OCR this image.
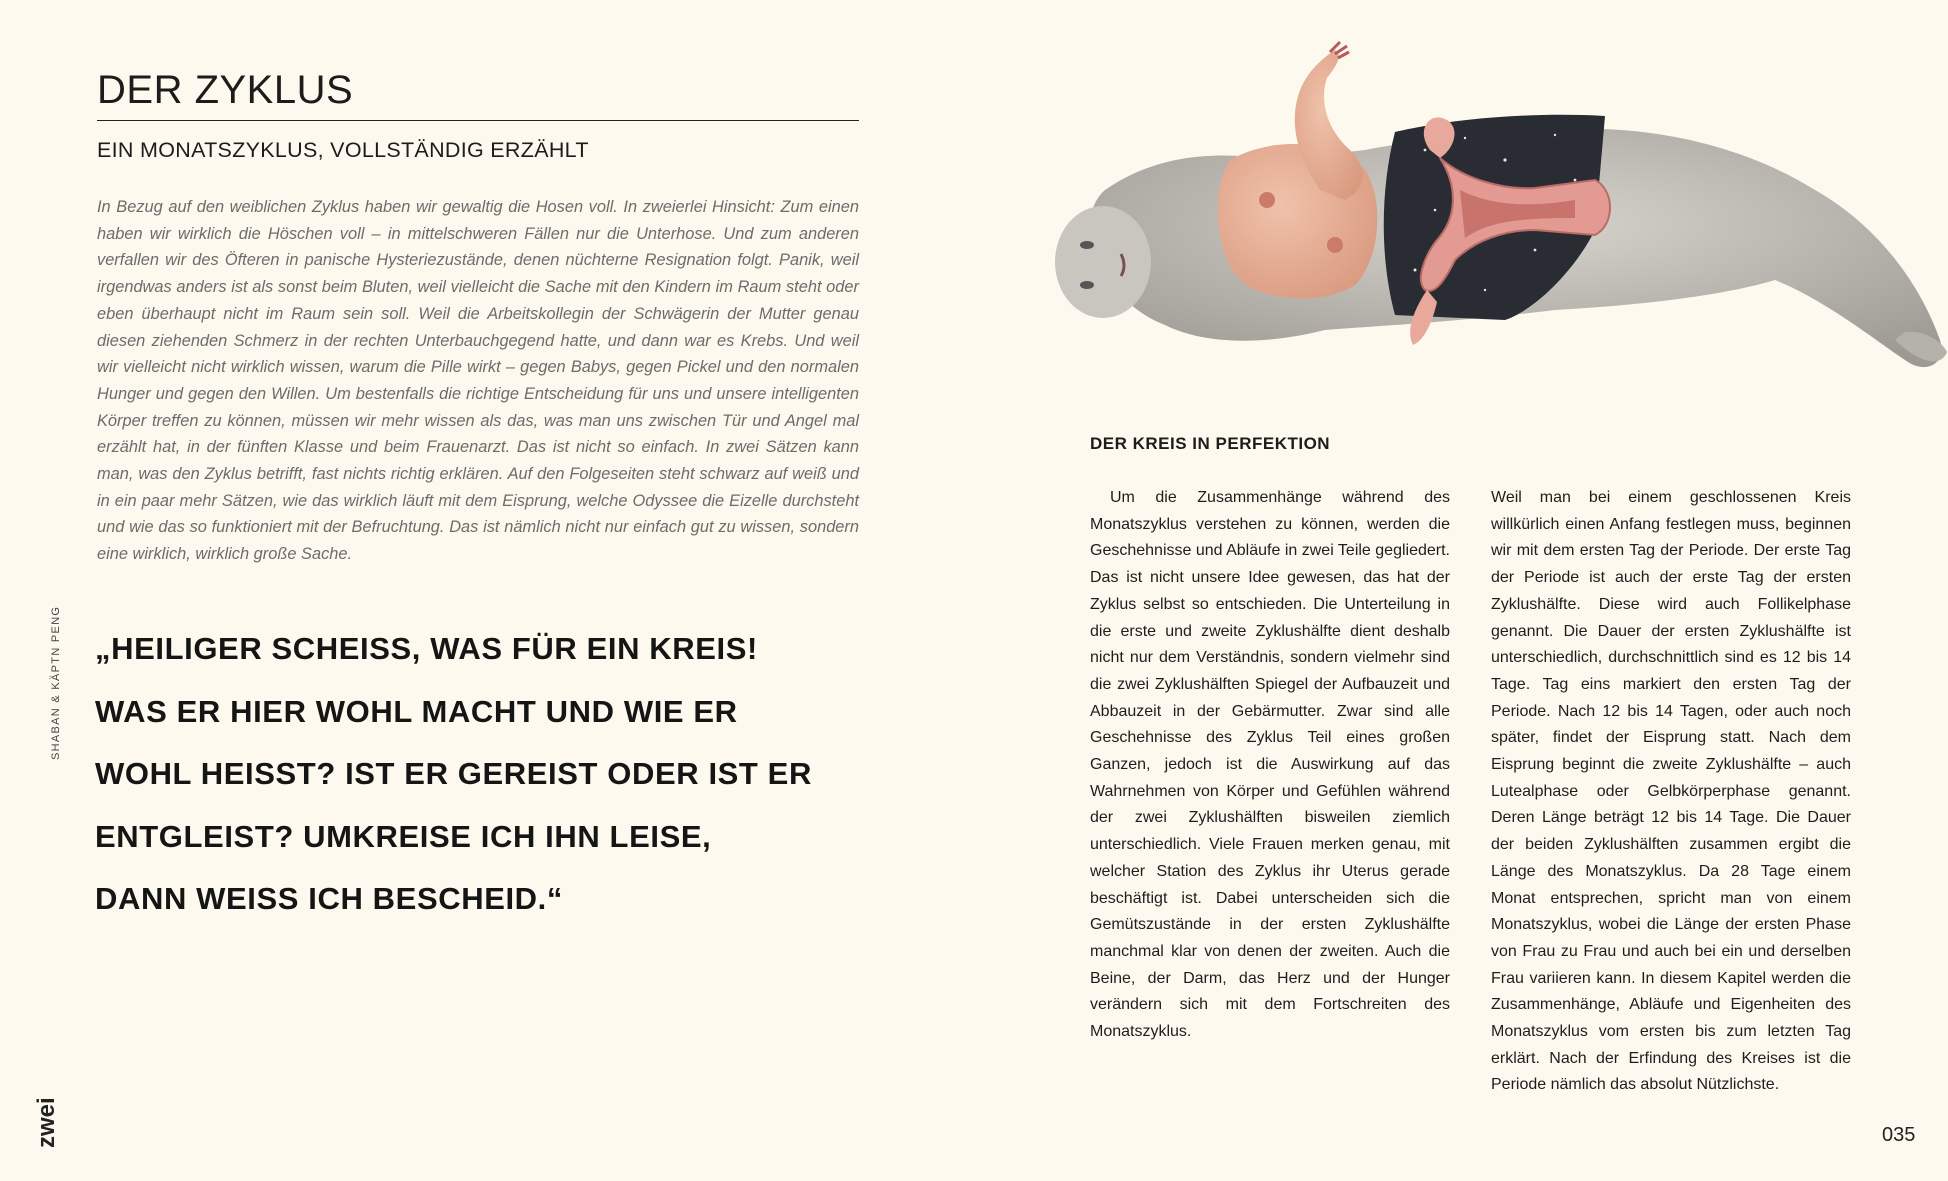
DER ZYKLUS
EIN MONATSZYKLUS, VOLLSTÄNDIG ERZÄHLT

In Bezug auf den weiblichen Zyklus haben wir gewaltig die Hosen voll. In zweierlei Hinsicht: Zum einen haben wir wirklich die Höschen voll – in mittelschweren Fällen nur die Unterhose. Und zum anderen verfallen wir des Öfteren in panische Hysteriezustände, denen nüchterne Resignation folgt. Panik, weil irgendwas anders ist als sonst beim Bluten, weil vielleicht die Sache mit den Kindern im Raum steht oder eben überhaupt nicht im Raum sein soll. Weil die Arbeitskollegin der Schwägerin der Mutter genau diesen ziehenden Schmerz in der rechten Unterbauchgegend hatte, und dann war es Krebs. Und weil wir vielleicht nicht wirklich wissen, warum die Pille wirkt – gegen Babys, gegen Pickel und den normalen Hunger und gegen den Willen. Um bestenfalls die richtige Entscheidung für uns und unsere intelligenten Körper treffen zu können, müssen wir mehr wissen als das, was man uns zwischen Tür und Angel mal erzählt hat, in der fünften Klasse und beim Frauenarzt. Das ist nicht so einfach. In zwei Sätzen kann man, was den Zyklus betrifft, fast nichts richtig erklären. Auf den Folgeseiten steht schwarz auf weiß und in ein paar mehr Sätzen, wie das wirklich läuft mit dem Eisprung, welche Odyssee die Eizelle durchsteht und wie das so funktioniert mit der Befruchtung. Das ist nämlich nicht nur einfach gut zu wissen, sondern eine wirklich, wirklich große Sache.

„HEILIGER SCHEISS, WAS FÜR EIN KREIS!
WAS ER HIER WOHL MACHT UND WIE ER
WOHL HEISST? IST ER GEREIST ODER IST ER
ENTGLEIST? UMKREISE ICH IHN LEISE,
DANN WEISS ICH BESCHEID.“
SHABAN & KÄPTN PENG
zwei
DER KREIS IN PERFEKTION

Um die Zusammenhänge während des Monatszyklus verstehen zu können, werden die Geschehnisse und Abläufe in zwei Teile gegliedert. Das ist nicht unsere Idee gewesen, das hat der Zyklus selbst so entschieden. Die Unterteilung in die erste und zweite Zyklushälfte dient deshalb nicht nur dem Verständnis, sondern vielmehr sind die zwei Zyklushälften Spiegel der Aufbauzeit und Abbauzeit in der Gebärmutter. Zwar sind alle Geschehnisse des Zyklus Teil eines großen Ganzen, jedoch ist die Auswirkung auf das Wahrnehmen von Körper und Gefühlen während der zwei Zyklushälften bisweilen ziemlich unterschiedlich. Viele Frauen merken genau, mit welcher Station des Zyklus ihr Uterus gerade beschäftigt ist. Dabei unterscheiden sich die Gemütszustände in der ersten Zyklushälfte manchmal klar von denen der zweiten. Auch die Beine, der Darm, das Herz und der Hunger verändern sich mit dem Fortschreiten des Monatszyklus.

Weil man bei einem geschlossenen Kreis willkürlich einen Anfang festlegen muss, beginnen wir mit dem ersten Tag der Periode. Der erste Tag der Periode ist auch der erste Tag der ersten Zyklushälfte. Diese wird auch Follikelphase genannt. Die Dauer der ersten Zyklushälfte ist unterschiedlich, durchschnittlich sind es 12 bis 14 Tage. Tag eins markiert den ersten Tag der Periode. Nach 12 bis 14 Tagen, oder auch noch später, findet der Eisprung statt. Nach dem Eisprung beginnt die zweite Zyklushälfte – auch Lutealphase oder Gelbkörperphase genannt. Deren Länge beträgt 12 bis 14 Tage. Die Dauer der beiden Zyklushälften zusammen ergibt die Länge des Monatszyklus. Da 28 Tage einem Monat entsprechen, spricht man von einem Monatszyklus, wobei die Länge der ersten Phase von Frau zu Frau und auch bei ein und derselben Frau variieren kann. In diesem Kapitel werden die Zusammenhänge, Abläufe und Eigenheiten des Monatszyklus vom ersten bis zum letzten Tag erklärt. Nach der Erfindung des Kreises ist die Periode nämlich das absolut Nützlichste.

035
